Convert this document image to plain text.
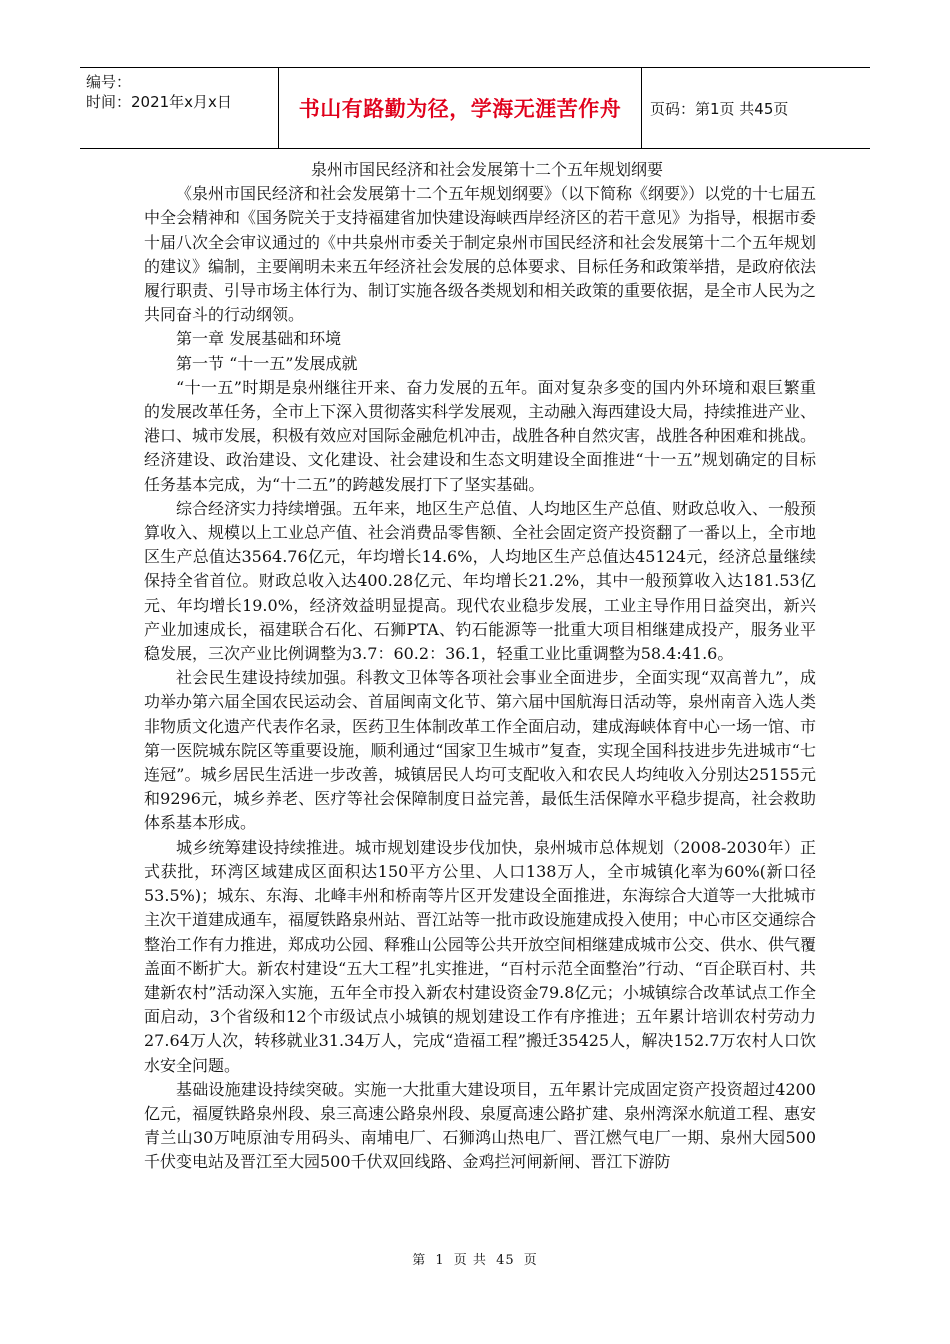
编号：
时间：2021年x月x日	书山有路勤为径，学海无涯苦作舟 页码：第1页 共45页

泉州市国民经济和社会发展第十二个五年规划纲要

《泉州市国民经济和社会发展第十二个五年规划纲要》（以下简称《纲要》）以党的十七届五中全会精神和《国务院关于支持福建省加快建设海峡西岸经济区的若干意见》为指导，根据市委十届八次全会审议通过的《中共泉州市委关于制定泉州市国民经济和社会发展第十二个五年规划的建议》编制，主要阐明未来五年经济社会发展的总体要求、目标任务和政策举措，是政府依法履行职责、引导市场主体行为、制订实施各级各类规划和相关政策的重要依据，是全市人民为之共同奋斗的行动纲领。

第一章 发展基础和环境

第一节 “十一五”发展成就

“十一五”时期是泉州继往开来、奋力发展的五年。面对复杂多变的国内外环境和艰巨繁重的发展改革任务，全市上下深入贯彻落实科学发展观，主动融入海西建设大局，持续推进产业、港口、城市发展，积极有效应对国际金融危机冲击，战胜各种自然灾害，战胜各种困难和挑战。经济建设、政治建设、文化建设、社会建设和生态文明建设全面推进“十一五”规划确定的目标任务基本完成，为“十二五”的跨越发展打下了坚实基础。

综合经济实力持续增强。五年来，地区生产总值、人均地区生产总值、财政总收入、一般预算收入、规模以上工业总产值、社会消费品零售额、全社会固定资产投资翻了一番以上，全市地区生产总值达3564.76亿元，年均增长14.6%，人均地区生产总值达45124元，经济总量继续保持全省首位。财政总收入达400.28亿元、年均增长21.2%，其中一般预算收入达181.53亿元、年均增长19.0%，经济效益明显提高。现代农业稳步发展，工业主导作用日益突出，新兴产业加速成长，福建联合石化、石狮PTA、钓石能源等一批重大项目相继建成投产，服务业平稳发展，三次产业比例调整为3.7：60.2：36.1，轻重工业比重调整为58.4:41.6。

社会民生建设持续加强。科教文卫体等各项社会事业全面进步，全面实现“双高普九”，成功举办第六届全国农民运动会、首届闽南文化节、第六届中国航海日活动等，泉州南音入选人类非物质文化遗产代表作名录，医药卫生体制改革工作全面启动，建成海峡体育中心一场一馆、市第一医院城东院区等重要设施，顺利通过“国家卫生城市”复查，实现全国科技进步先进城市“七连冠”。城乡居民生活进一步改善，城镇居民人均可支配收入和农民人均纯收入分别达25155元和9296元，城乡养老、医疗等社会保障制度日益完善，最低生活保障水平稳步提高，社会救助体系基本形成。

城乡统筹建设持续推进。城市规划建设步伐加快，泉州城市总体规划（2008-2030年）正式获批，环湾区域建成区面积达150平方公里、人口138万人，全市城镇化率为60%(新口径53.5%)；城东、东海、北峰丰州和桥南等片区开发建设全面推进，东海综合大道等一大批城市主次干道建成通车，福厦铁路泉州站、晋江站等一批市政设施建成投入使用；中心市区交通综合整治工作有力推进，郑成功公园、释雅山公园等公共开放空间相继建成城市公交、供水、供气覆盖面不断扩大。新农村建设“五大工程”扎实推进，“百村示范全面整治”行动、“百企联百村、共建新农村”活动深入实施，五年全市投入新农村建设资金79.8亿元；小城镇综合改革试点工作全面启动，3个省级和12个市级试点小城镇的规划建设工作有序推进；五年累计培训农村劳动力27.64万人次，转移就业31.34万人，完成“造福工程”搬迁35425人，解决152.7万农村人口饮水安全问题。

基础设施建设持续突破。实施一大批重大建设项目，五年累计完成固定资产投资超过4200亿元，福厦铁路泉州段、泉三高速公路泉州段、泉厦高速公路扩建、泉州湾深水航道工程、惠安青兰山30万吨原油专用码头、南埔电厂、石狮鸿山热电厂、晋江燃气电厂一期、泉州大园500千伏变电站及晋江至大园500千伏双回线路、金鸡拦河闸新闸、晋江下游防

第 1 页 共 45 页
